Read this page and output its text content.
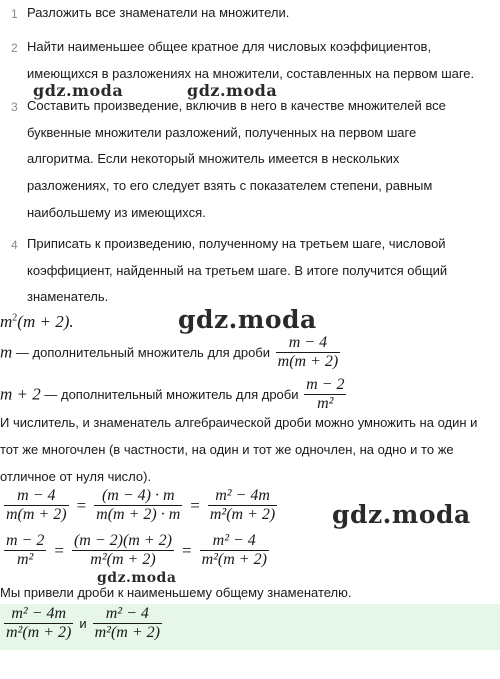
1 Разложить все знаменатели на множители.
2 Найти наименьшее общее кратное для числовых коэффициентов,
имеющихся в разложениях на множители, составленных на первом шаге.
3 Составить произведение, включив в него в качестве множителей все
буквенные множители разложений, полученных на первом шаге
алгоритма. Если некоторый множитель имеется в нескольких
разложениях, то его следует взять с показателем степени, равным
наибольшему из имеющихся.
4 Приписать к произведению, полученному на третьем шаге, числовой
коэффициент, найденный на третьем шаге. В итоге получится общий
знаменатель.
$m^2(m + 2)$.
m — дополнительный множитель для дроби $\frac{m - 4}{m(m + 2)}$
m + 2 — дополнительный множитель для дроби $\frac{m - 2}{\text{m²}}$
И числитель, и знаменатель алгебраической дроби можно умножить на один и
тот же многочлен (в частности, на один и тот же одночлен, на одно и то же
отличное от нуля число).
$\frac{m - 4}{m(m + 2)} = \frac{(m - 4) \cdot m}{m(m + 2) \cdot m} = \frac{\text{m² − 4m}}{\text{m²(m + 2)}}$
$\frac{m - 2}{\text{m²}} = \frac{(m - 2)(m + 2)}{\text{m²(m + 2)}} = \frac{\text{m² − 4}}{\text{m²(m + 2)}}$
Мы привели дроби к наименьшему общему знаменателю.
$\frac{\text{m² − 4m}}{\text{m²(m + 2)}}$ и $\frac{\text{m² − 4}}{\text{m²(m + 2)}}$
gdz.moda	gdz.moda
gdz.moda
gdz.moda
gdz.moda
